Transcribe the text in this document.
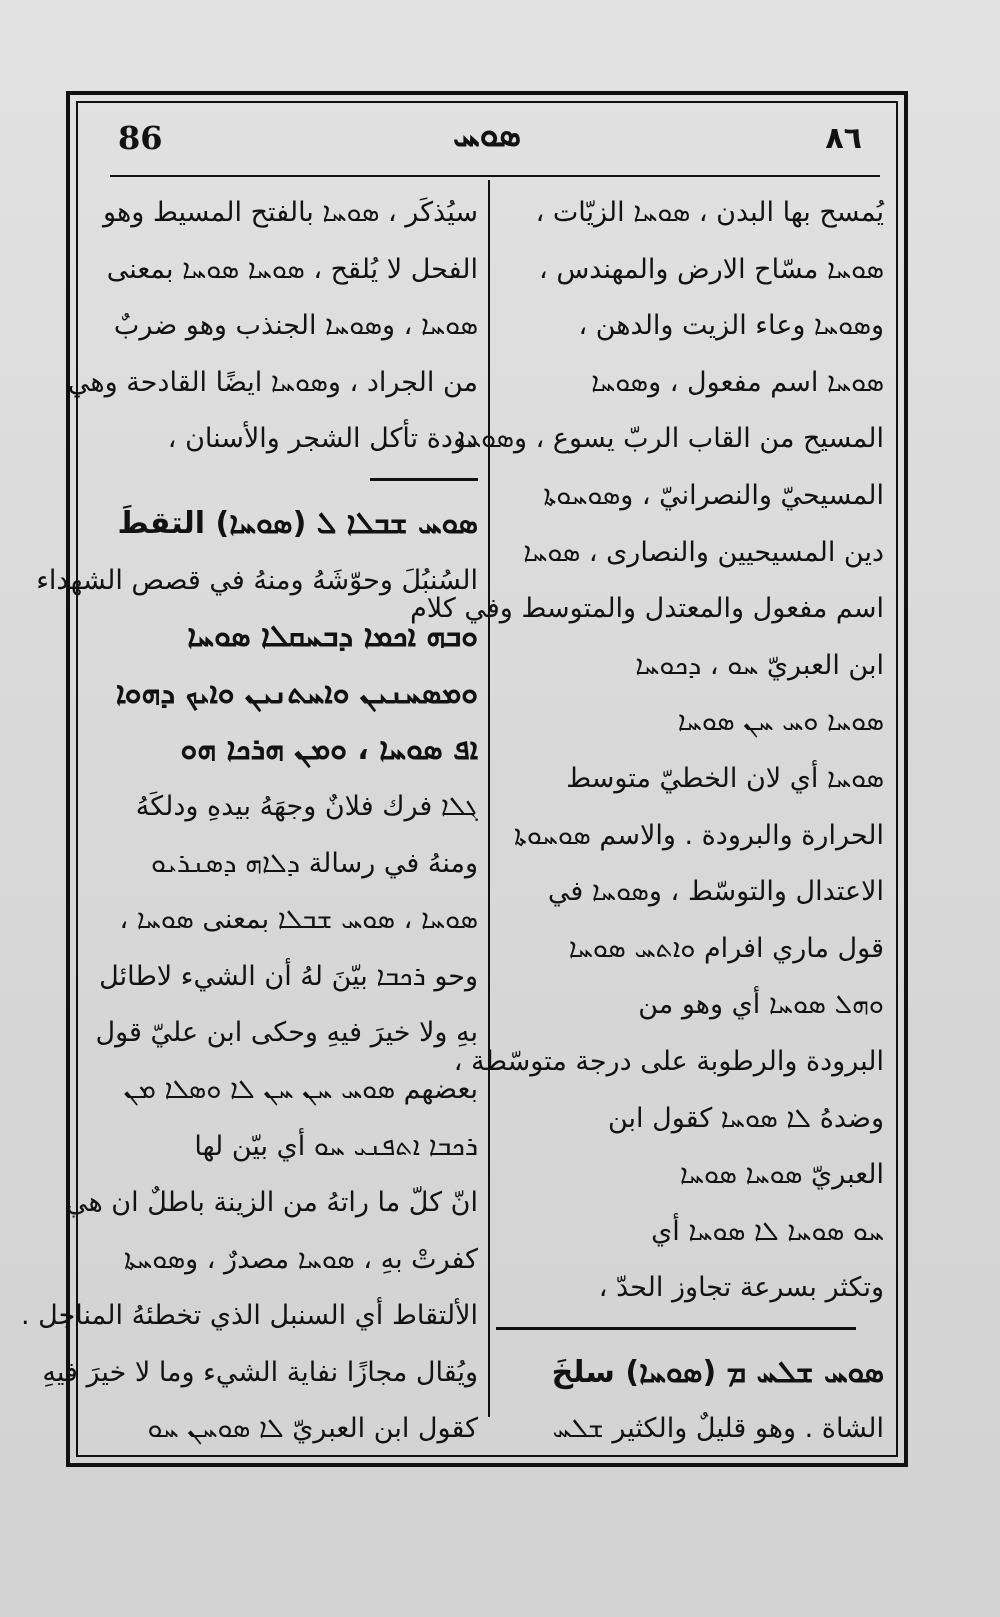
86	ܣܘܚ	٨٦
يُمسح بها البدن ، ܣܘܚܐ الزيّات ،
ܣܘܚܐ مسّاح الارض والمهندس ،
وܣܘܚܐ وعاء الزيت والدهن ،
ܣܘܚܐ اسم مفعول ، وܣܘܚܐ
المسيح من القاب الربّ يسوع ، وܣܘܚܐ
المسيحيّ والنصرانيّ ، وܣܘܚܘܬܐ
دين المسيحيين والنصارى ، ܣܘܚܐ
اسم مفعول والمعتدل والمتوسط وفي كلام
ابن العبريّ ܚܘ ، ܕܟܘܚܐ
ܣܘܚܐ ܘܚ ܚܢ ܣܘܚܐ
ܣܘܚܐ أي لان الخطيّ متوسط
الحرارة والبرودة . والاسم ܣܘܚܘܬܐ
الاعتدال والتوسّط ، وܣܘܚܐ في
قول ماري افرام ܘܐܬܚ ܣܘܚܐ
ܘܗܠ ܣܘܚܐ أي وهو من
البرودة والرطوبة على درجة متوسّطة ،
وضدهُ ܠܐ ܣܘܚܐ كقول ابن
العبريّ ܣܘܚܐ ܣܘܚܐ
ܚܘ ܣܘܚܐ ܠܐ ܣܘܚܐ أي
وتكثر بسرعة تجاوز الحدّ ،
ܣܘܚ ܫܠܚ ܡ (ܣܘܚܐ) سلخَ
الشاة . وهو قليلٌ والكثير ܫܠܚ
سيُذكَر ، ܣܘܚܐ بالفتح المسيط وهو
الفحل لا يُلقح ، ܣܘܚܐ ܣܘܚܐ بمعنى
ܣܘܚܐ ، وܣܘܚܐ الجنذب وهو ضربٌ
من الجراد ، وܣܘܚܐ ايضًا القادحة وهي
دودة تأكل الشجر والأسنان ،
ܣܘܚ ܫܒܠܐ ܠ (ܣܘܚܐ) التقطَ
السُنبُلَ وحوّشَهُ ومنهُ في قصص الشهداء
ܘܒܗ ܐܟܡܐ ܕܒܚܩܠܐ ܣܘܚܐ
ܘܡܣܚܢܝܢ ܘܐܚܬܢܝܢ ܘܐܝܟ ܕܗܘܐ
ܐܦ ܣܘܚܐ ، ܘܡܢ ܗܪܟܐ ܗܘ
ܓܠܐ فرك فلانٌ وجهَهُ بيدهِ ودلكَهُ
ومنهُ في رسالة ܕܠܐܗ ܕܣܢܪܝܘ
ܣܘܚܐ ، ܣܘܚ ܫܒܠܐ بمعنى ܣܘܚܐ ،
وحو ܪܟܒܐ بيّنَ لهُ أن الشيء لاطائل
بهِ ولا خيرَ فيهِ وحكى ابن عليّ قول
بعضهم ܣܘܚ ܚܢ ܚܢ ܠܐ ܘܣܠܐ ܡܢ
ܪܟܒܐ ܐܬܦܢܝ ܚܘ أي بيّن لها
انّ كلّ ما راتهُ من الزينة باطلٌ ان هي
كفرتْ بهِ ، ܣܘܚܐ مصدرٌ ، وܣܘܚܬܐ
الألتقاط أي السنبل الذي تخطئهُ المناجل .
ويُقال مجازًا نفاية الشيء وما لا خيرَ فيهِ
كقول ابن العبريّ ܠܐ ܣܘܚܢ ܚܘ
